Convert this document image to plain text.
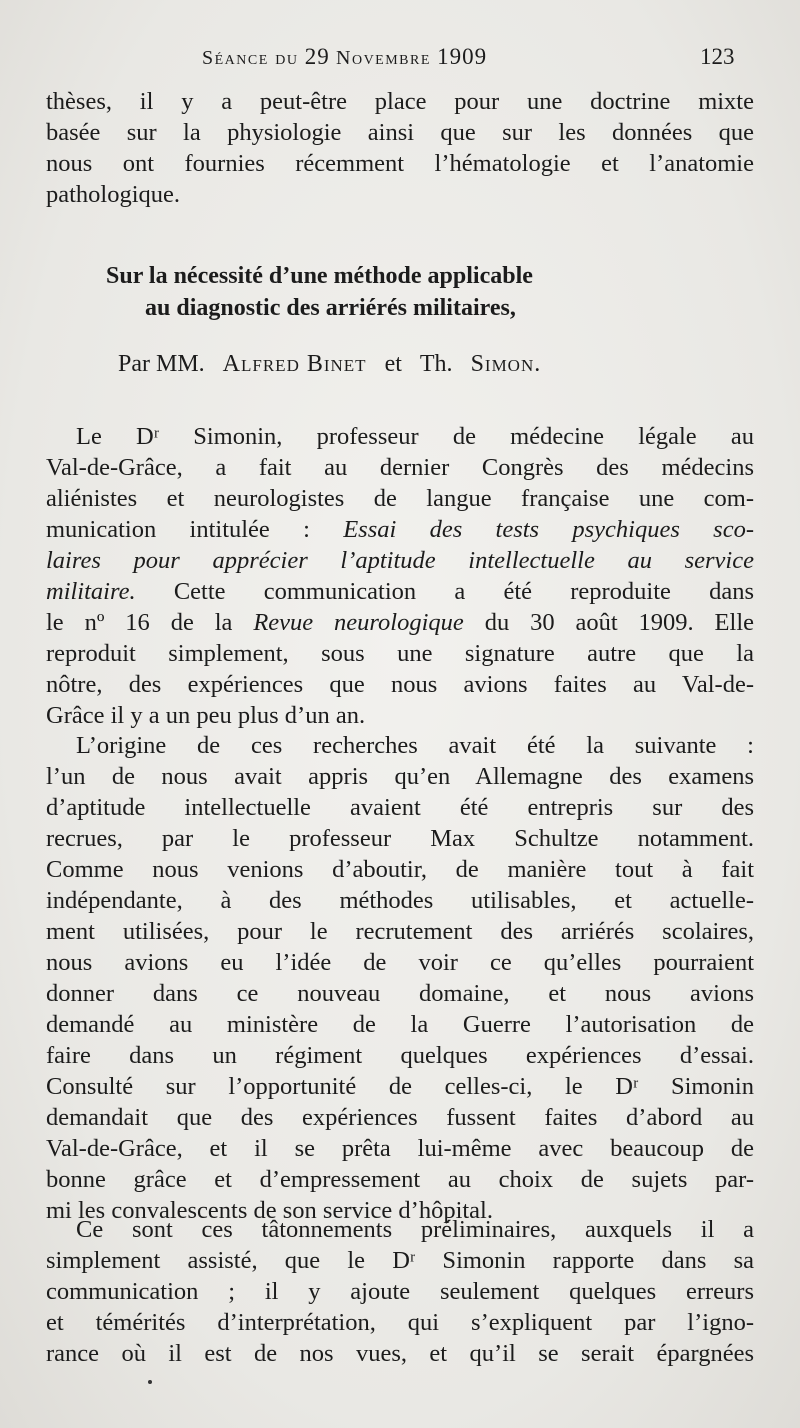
Séance du 29 Novembre 1909	123
thèses, il y a peut-être place pour une doctrine mixte
basée sur la physiologie ainsi que sur les données que
nous ont fournies récemment l’hématologie et l’anatomie
pathologique.
Sur la nécessité d’une méthode applicable
au diagnostic des arriérés militaires,
Par MM. Alfred Binet et Th. Simon.
Le Dʳ Simonin, professeur de médecine légale au
Val-de-Grâce, a fait au dernier Congrès des médecins
aliénistes et neurologistes de langue française une com-
munication intitulée : Essai des tests psychiques sco-
laires pour apprécier l’aptitude intellectuelle au service
militaire. Cette communication a été reproduite dans
le nº 16 de la Revue neurologique du 30 août 1909. Elle
reproduit simplement, sous une signature autre que la
nôtre, des expériences que nous avions faites au Val-de-
Grâce il y a un peu plus d’un an.
L’origine de ces recherches avait été la suivante :
l’un de nous avait appris qu’en Allemagne des examens
d’aptitude intellectuelle avaient été entrepris sur des
recrues, par le professeur Max Schultze notamment.
Comme nous venions d’aboutir, de manière tout à fait
indépendante, à des méthodes utilisables, et actuelle-
ment utilisées, pour le recrutement des arriérés scolaires,
nous avions eu l’idée de voir ce qu’elles pourraient
donner dans ce nouveau domaine, et nous avions
demandé au ministère de la Guerre l’autorisation de
faire dans un régiment quelques expériences d’essai.
Consulté sur l’opportunité de celles-ci, le Dʳ Simonin
demandait que des expériences fussent faites d’abord au
Val-de-Grâce, et il se prêta lui-même avec beaucoup de
bonne grâce et d’empressement au choix de sujets par-
mi les convalescents de son service d’hôpital.
Ce sont ces tâtonnements préliminaires, auxquels il a
simplement assisté, que le Dʳ Simonin rapporte dans sa
communication ; il y ajoute seulement quelques erreurs
et témérités d’interprétation, qui s’expliquent par l’igno-
rance où il est de nos vues, et qu’il se serait épargnées
